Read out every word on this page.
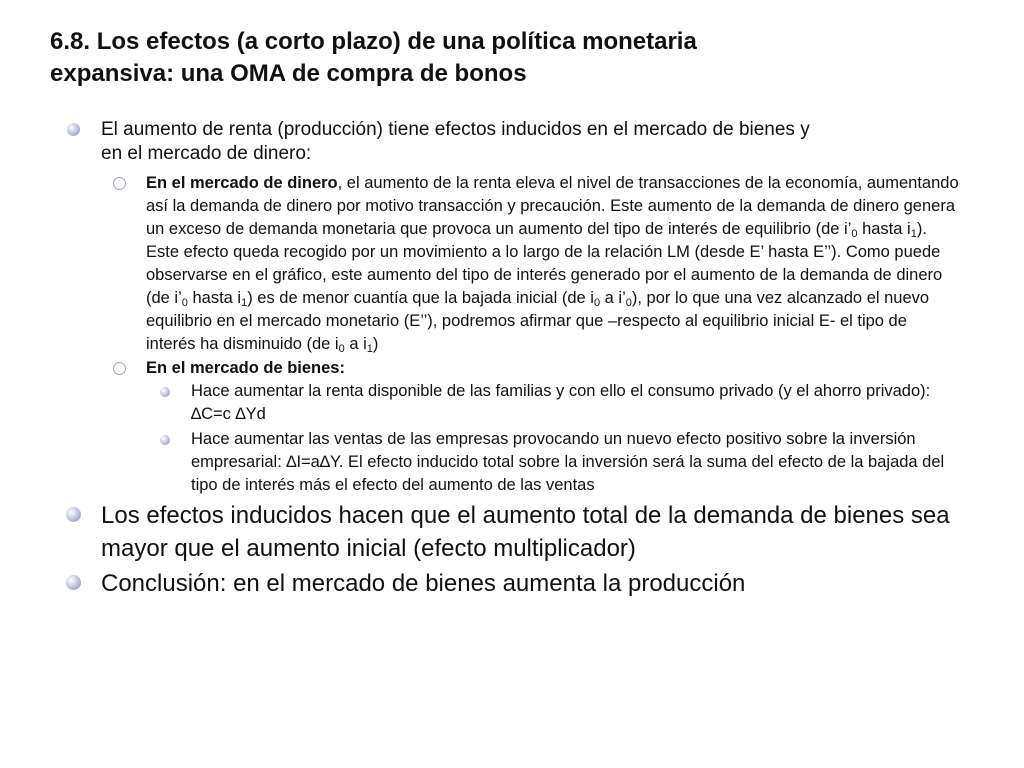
6.8. Los efectos (a corto plazo) de una política monetaria
expansiva: una OMA de compra de bonos
El aumento de renta (producción) tiene efectos inducidos en el mercado de bienes y
en el mercado de dinero:
En el mercado de dinero, el aumento de la renta eleva el nivel de transacciones de la economía, aumentando así la demanda de dinero por motivo transacción y precaución. Este aumento de la demanda de dinero genera un exceso de demanda monetaria que provoca un aumento del tipo de interés de equilibrio (de $i’_0$ hasta $i_1$). Este efecto queda recogido por un movimiento a lo largo de la relación LM (desde E’ hasta E’’). Como puede observarse en el gráfico, este aumento del tipo de interés generado por el aumento de la demanda de dinero (de $i’_0$ hasta $i_1$) es de menor cuantía que la bajada inicial (de $i_0$ a $i’_0$), por lo que una vez alcanzado el nuevo equilibrio en el mercado monetario (E’’), podremos afirmar que –respecto al equilibrio inicial E- el tipo de interés ha disminuido (de $i_0$ a $i_1$)
En el mercado de bienes:
Hace aumentar la renta disponible de las familias y con ello el consumo privado (y el ahorro privado): ∆C=c ∆Yd
Hace aumentar las ventas de las empresas provocando un nuevo efecto positivo sobre la inversión empresarial: ∆I=a∆Y. El efecto inducido total sobre la inversión será la suma del efecto de la bajada del tipo de interés más el efecto del aumento de las ventas
Los efectos inducidos hacen que el aumento total de la demanda de bienes sea mayor que el aumento inicial (efecto multiplicador)
Conclusión: en el mercado de bienes aumenta la producción
